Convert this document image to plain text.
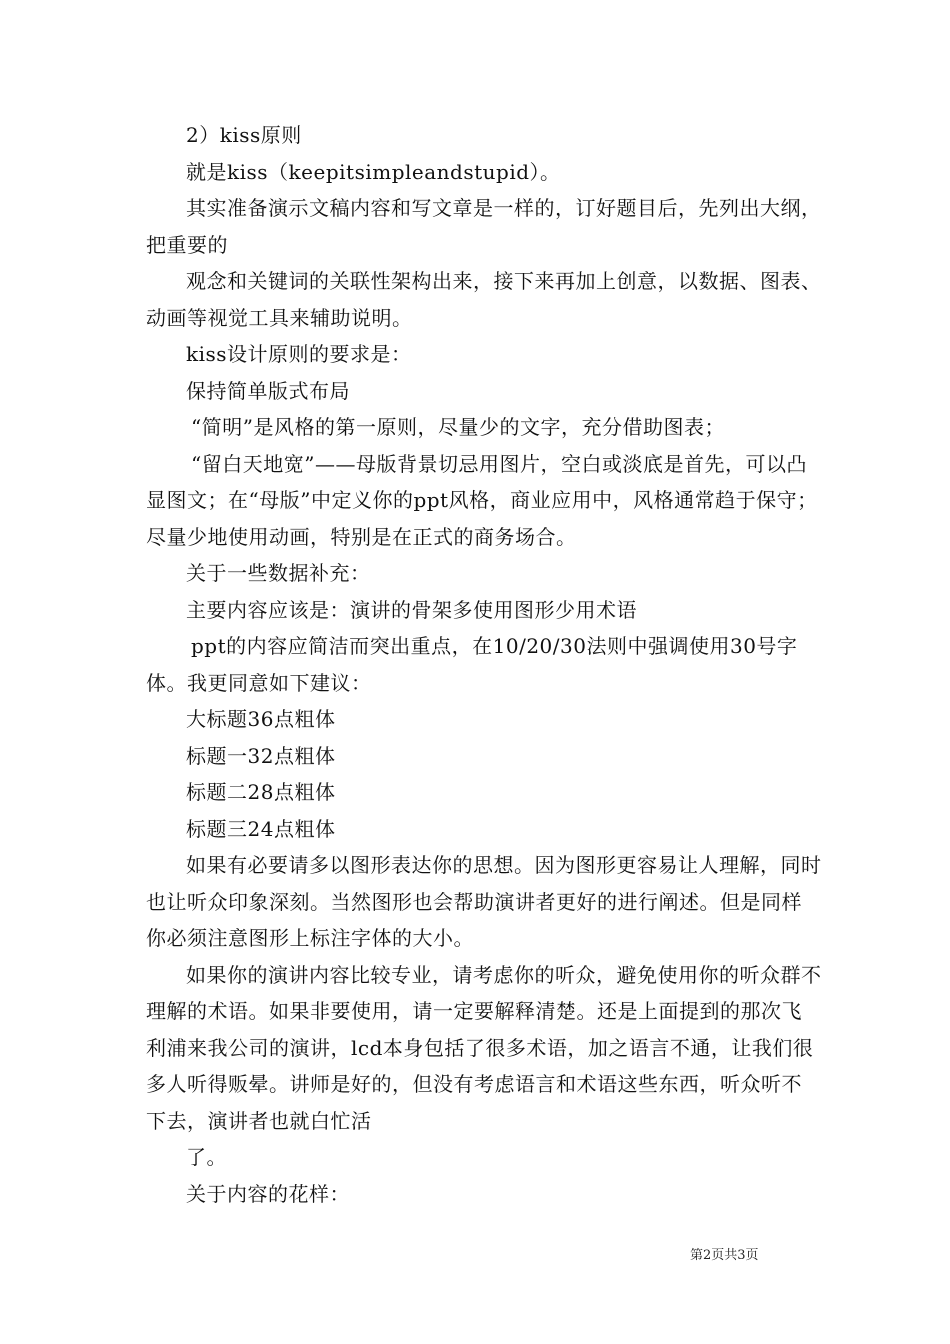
2）kiss原则

就是kiss（keepitsimpleandstupid）。

其实准备演示文稿内容和写文章是一样的，订好题目后，先列出大纲，把重要的

观念和关键词的关联性架构出来，接下来再加上创意，以数据、图表、动画等视觉工具来辅助说明。

kiss设计原则的要求是：

保持简单版式布局

“简明”是风格的第一原则，尽量少的文字，充分借助图表；

“留白天地宽”——母版背景切忌用图片，空白或淡底是首先，可以凸显图文；在“母版”中定义你的ppt风格，商业应用中，风格通常趋于保守；尽量少地使用动画，特别是在正式的商务场合。

关于一些数据补充：

主要内容应该是：演讲的骨架多使用图形少用术语

ppt的内容应简洁而突出重点，在10/20/30法则中强调使用30号字体。我更同意如下建议：

大标题36点粗体

标题一32点粗体

标题二28点粗体

标题三24点粗体

如果有必要请多以图形表达你的思想。因为图形更容易让人理解，同时也让听众印象深刻。当然图形也会帮助演讲者更好的进行阐述。但是同样你必须注意图形上标注字体的大小。

如果你的演讲内容比较专业，请考虑你的听众，避免使用你的听众群不理解的术语。如果非要使用，请一定要解释清楚。还是上面提到的那次飞利浦来我公司的演讲，lcd本身包括了很多术语，加之语言不通，让我们很多人听得贩晕。讲师是好的，但没有考虑语言和术语这些东西，听众听不下去，演讲者也就白忙活

了。

关于内容的花样：

第2页共3页
